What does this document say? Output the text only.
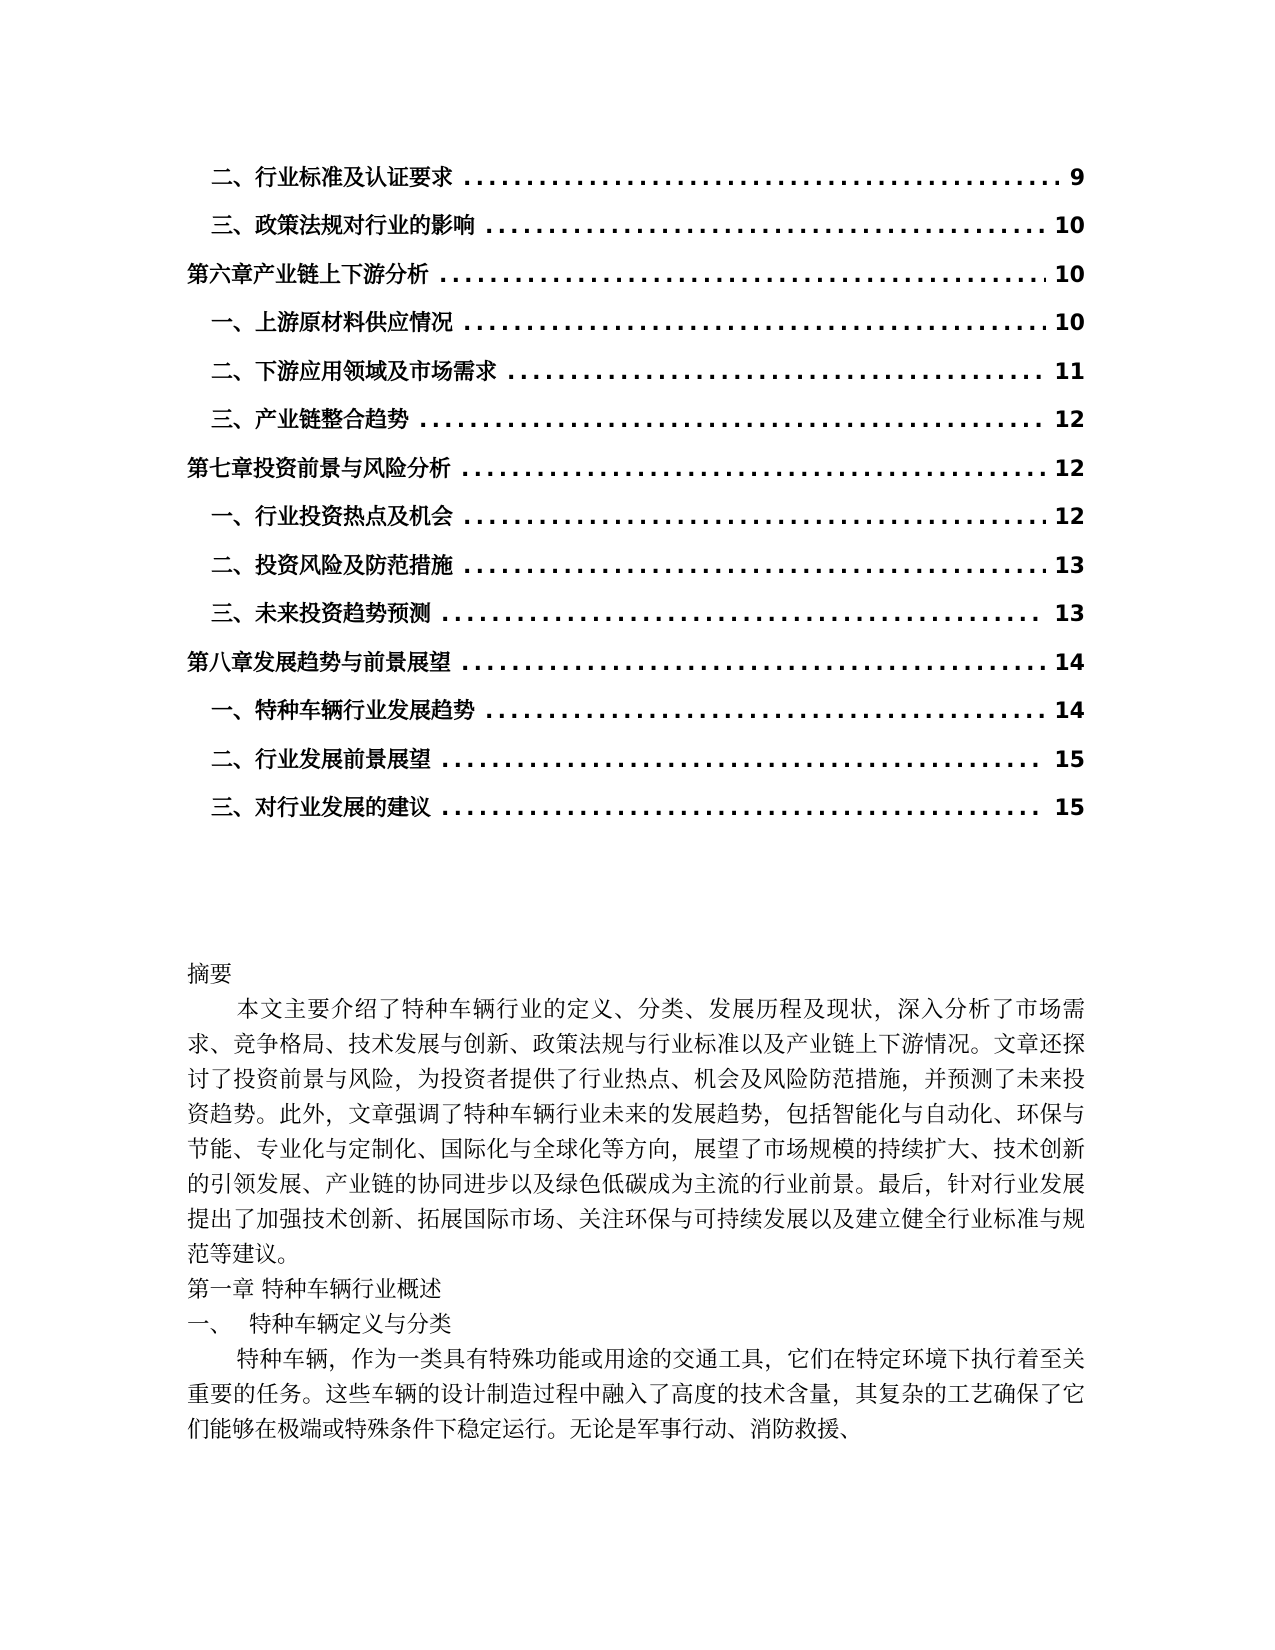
二、 行业标准及认证要求 .....	9
三、 政策法规对行业的影响 .....	10
第六章 产业链上下游分析 .....	10
一、 上游原材料供应情况 .....	10
二、 下游应用领域及市场需求 .....	11
三、 产业链整合趋势 .....	12
第七章 投资前景与风险分析 .....	12
一、 行业投资热点及机会 .....	12
二、 投资风险及防范措施 .....	13
三、 未来投资趋势预测 .....	13
第八章 发展趋势与前景展望 .....	14
一、 特种车辆行业发展趋势 .....	14
二、 行业发展前景展望 .....	15
三、 对行业发展的建议 .....	15

摘要

本文主要介绍了特种车辆行业的定义、分类、发展历程及现状，深入分析了市场需求、竞争格局、技术发展与创新、政策法规与行业标准以及产业链上下游情况。文章还探讨了投资前景与风险，为投资者提供了行业热点、机会及风险防范措施，并预测了未来投资趋势。此外，文章强调了特种车辆行业未来的发展趋势，包括智能化与自动化、环保与节能、专业化与定制化、国际化与全球化等方向，展望了市场规模的持续扩大、技术创新的引领发展、产业链的协同进步以及绿色低碳成为主流的行业前景。最后，针对行业发展提出了加强技术创新、拓展国际市场、关注环保与可持续发展以及建立健全行业标准与规范等建议。

第一章 特种车辆行业概述

一、 特种车辆定义与分类

特种车辆，作为一类具有特殊功能或用途的交通工具，它们在特定环境下执行着至关重要的任务。这些车辆的设计制造过程中融入了高度的技术含量，其复杂的工艺确保了它们能够在极端或特殊条件下稳定运行。无论是军事行动、消防救援、
